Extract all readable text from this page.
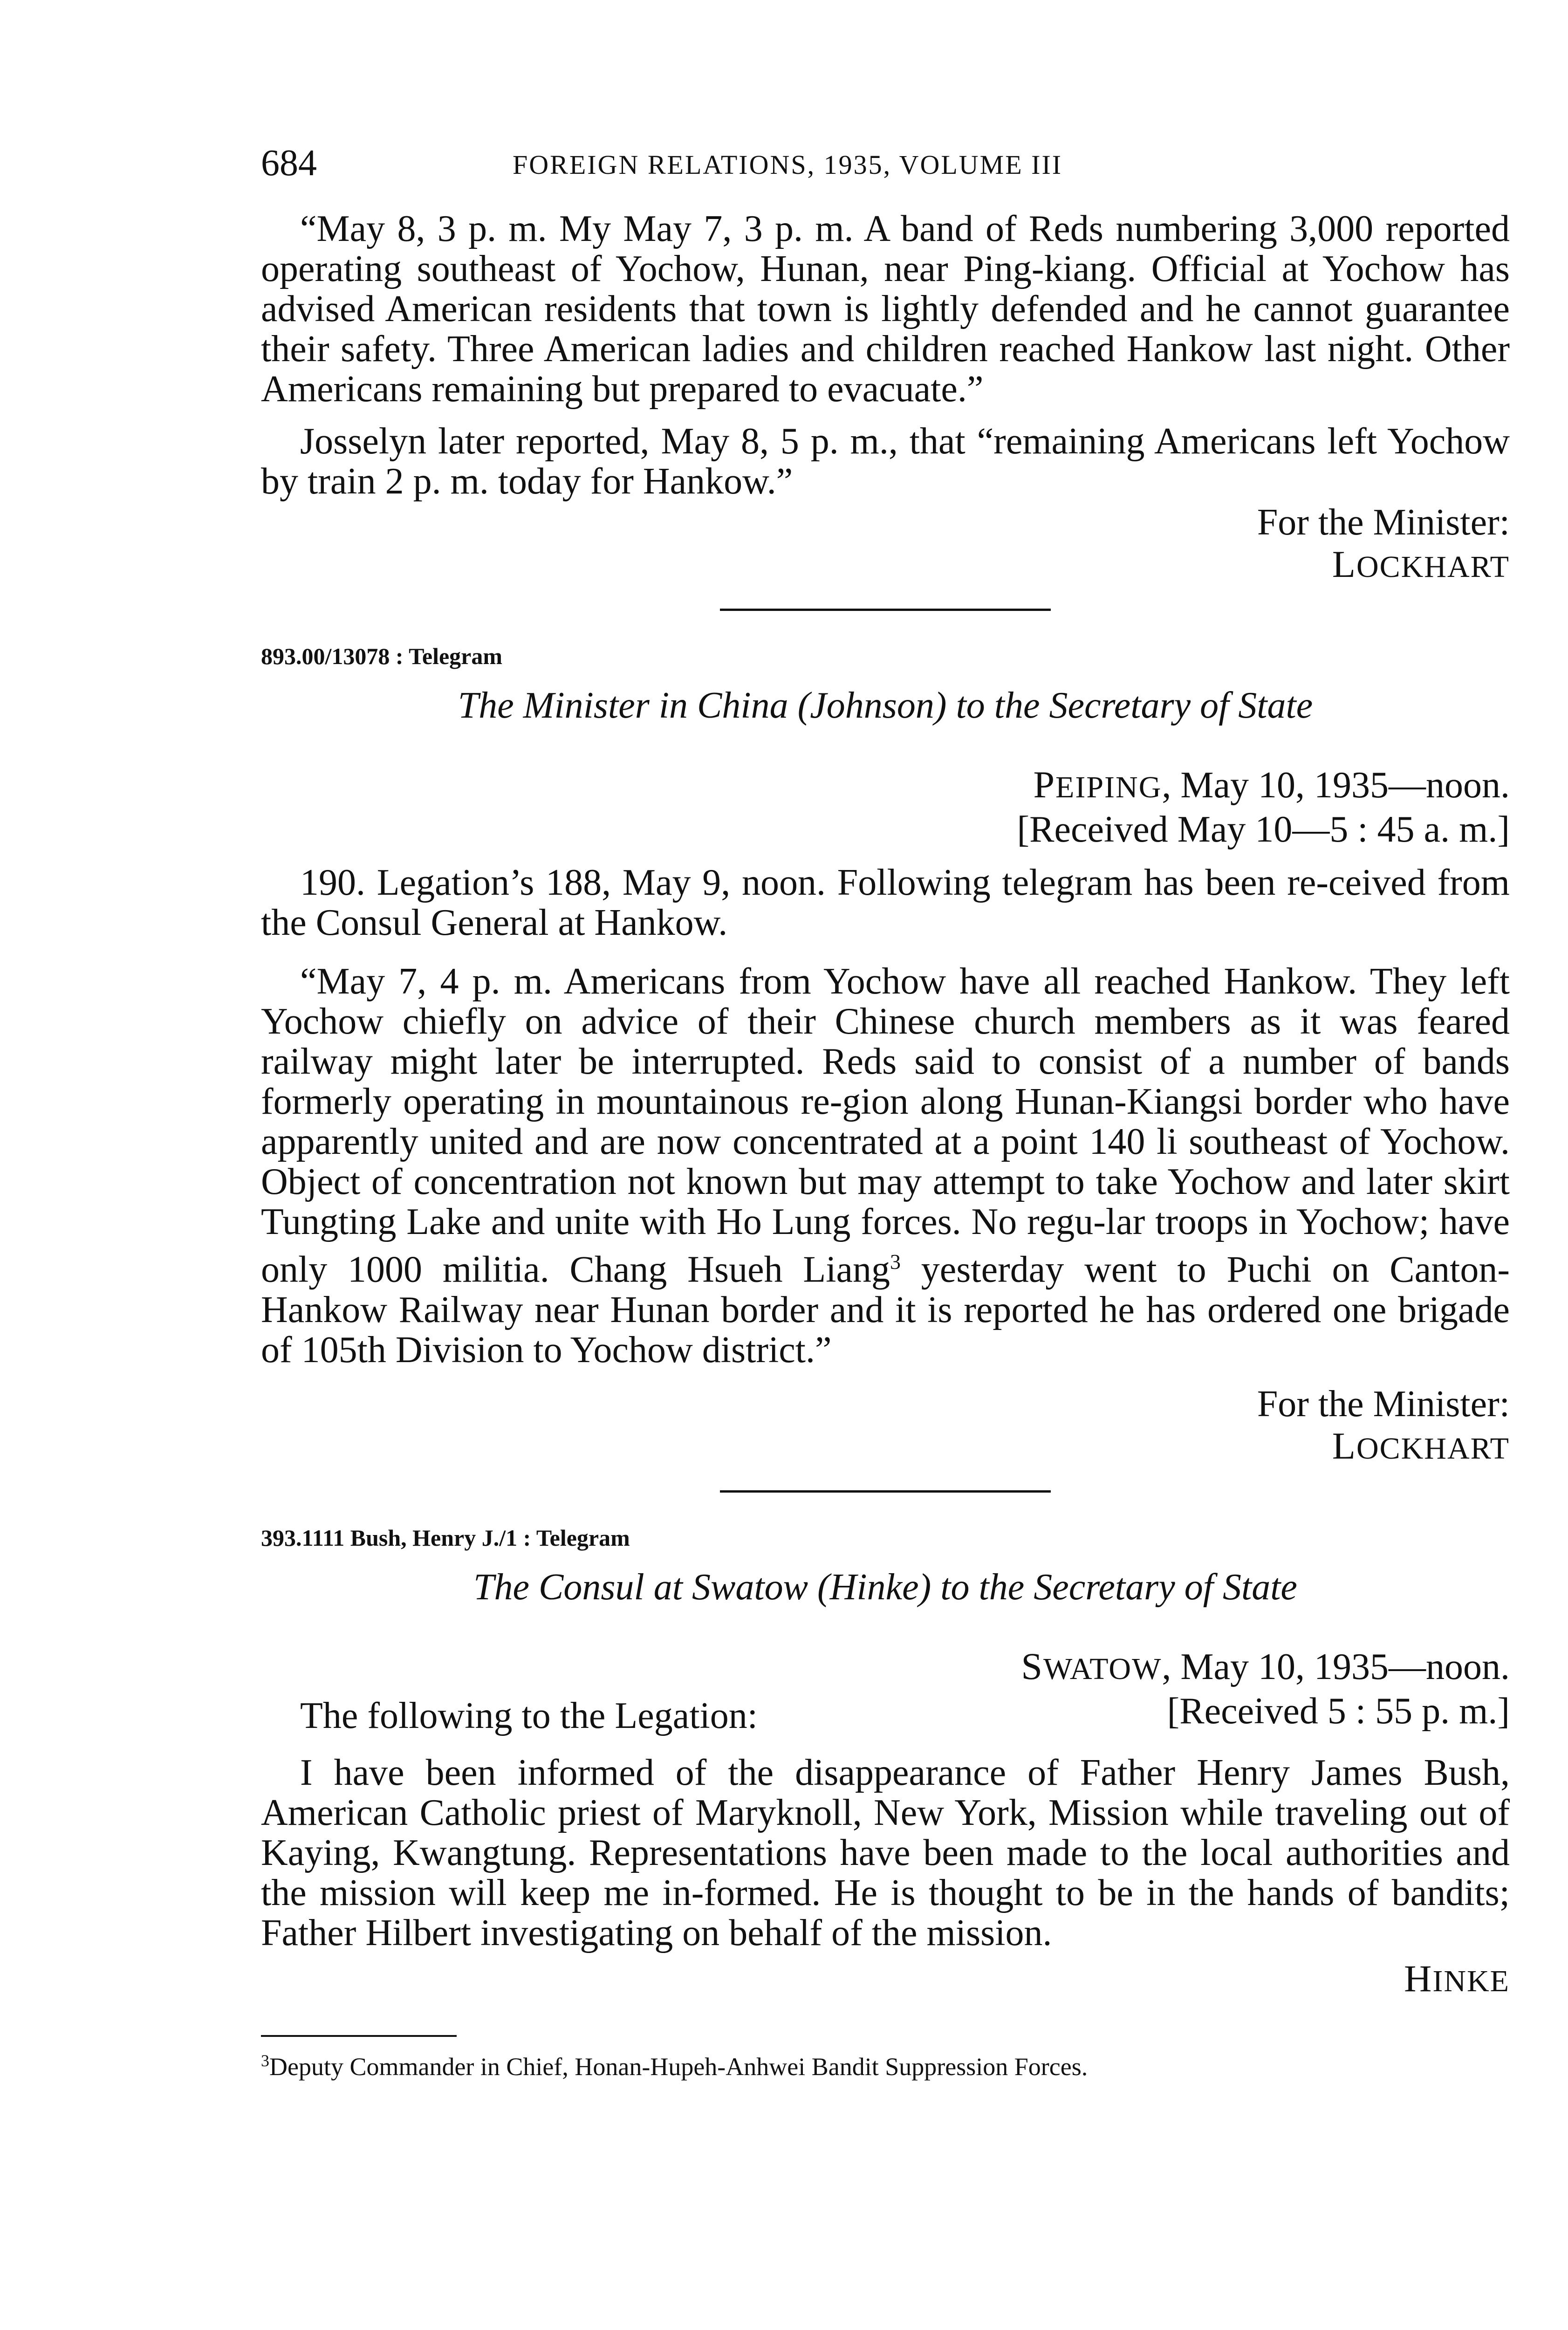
684	FOREIGN RELATIONS, 1935, VOLUME III

“May 8, 3 p. m. My May 7, 3 p. m. A band of Reds numbering 3,000 reported operating southeast of Yochow, Hunan, near Ping-kiang. Official at Yochow has advised American residents that town is lightly defended and he cannot guarantee their safety. Three American ladies and children reached Hankow last night. Other Americans remaining but prepared to evacuate.”

Josselyn later reported, May 8, 5 p. m., that “remaining Americans left Yochow by train 2 p. m. today for Hankow.”

For the Minister:
LOCKHART
893.00/13078 : Telegram
The Minister in China (Johnson) to the Secretary of State
PEIPING, May 10, 1935—noon.
[Received May 10—5 : 45 a. m.]

190. Legation’s 188, May 9, noon. Following telegram has been re-ceived from the Consul General at Hankow.

“May 7, 4 p. m. Americans from Yochow have all reached Hankow. They left Yochow chiefly on advice of their Chinese church members as it was feared railway might later be interrupted. Reds said to consist of a number of bands formerly operating in mountainous re-gion along Hunan-Kiangsi border who have apparently united and are now concentrated at a point 140 li southeast of Yochow. Object of concentration not known but may attempt to take Yochow and later skirt Tungting Lake and unite with Ho Lung forces. No regu-lar troops in Yochow; have only 1000 militia. Chang Hsueh Liang$^3$ yesterday went to Puchi on Canton-Hankow Railway near Hunan border and it is reported he has ordered one brigade of 105th Division to Yochow district.”

For the Minister:
LOCKHART
393.1111 Bush, Henry J./1 : Telegram
The Consul at Swatow (Hinke) to the Secretary of State
SWATOW, May 10, 1935—noon.
[Received 5 : 55 p. m.]
The following to the Legation:

I have been informed of the disappearance of Father Henry James Bush, American Catholic priest of Maryknoll, New York, Mission while traveling out of Kaying, Kwangtung. Representations have been made to the local authorities and the mission will keep me in-formed. He is thought to be in the hands of bandits; Father Hilbert investigating on behalf of the mission.

HINKE
$^3$Deputy Commander in Chief, Honan-Hupeh-Anhwei Bandit Suppression Forces.
